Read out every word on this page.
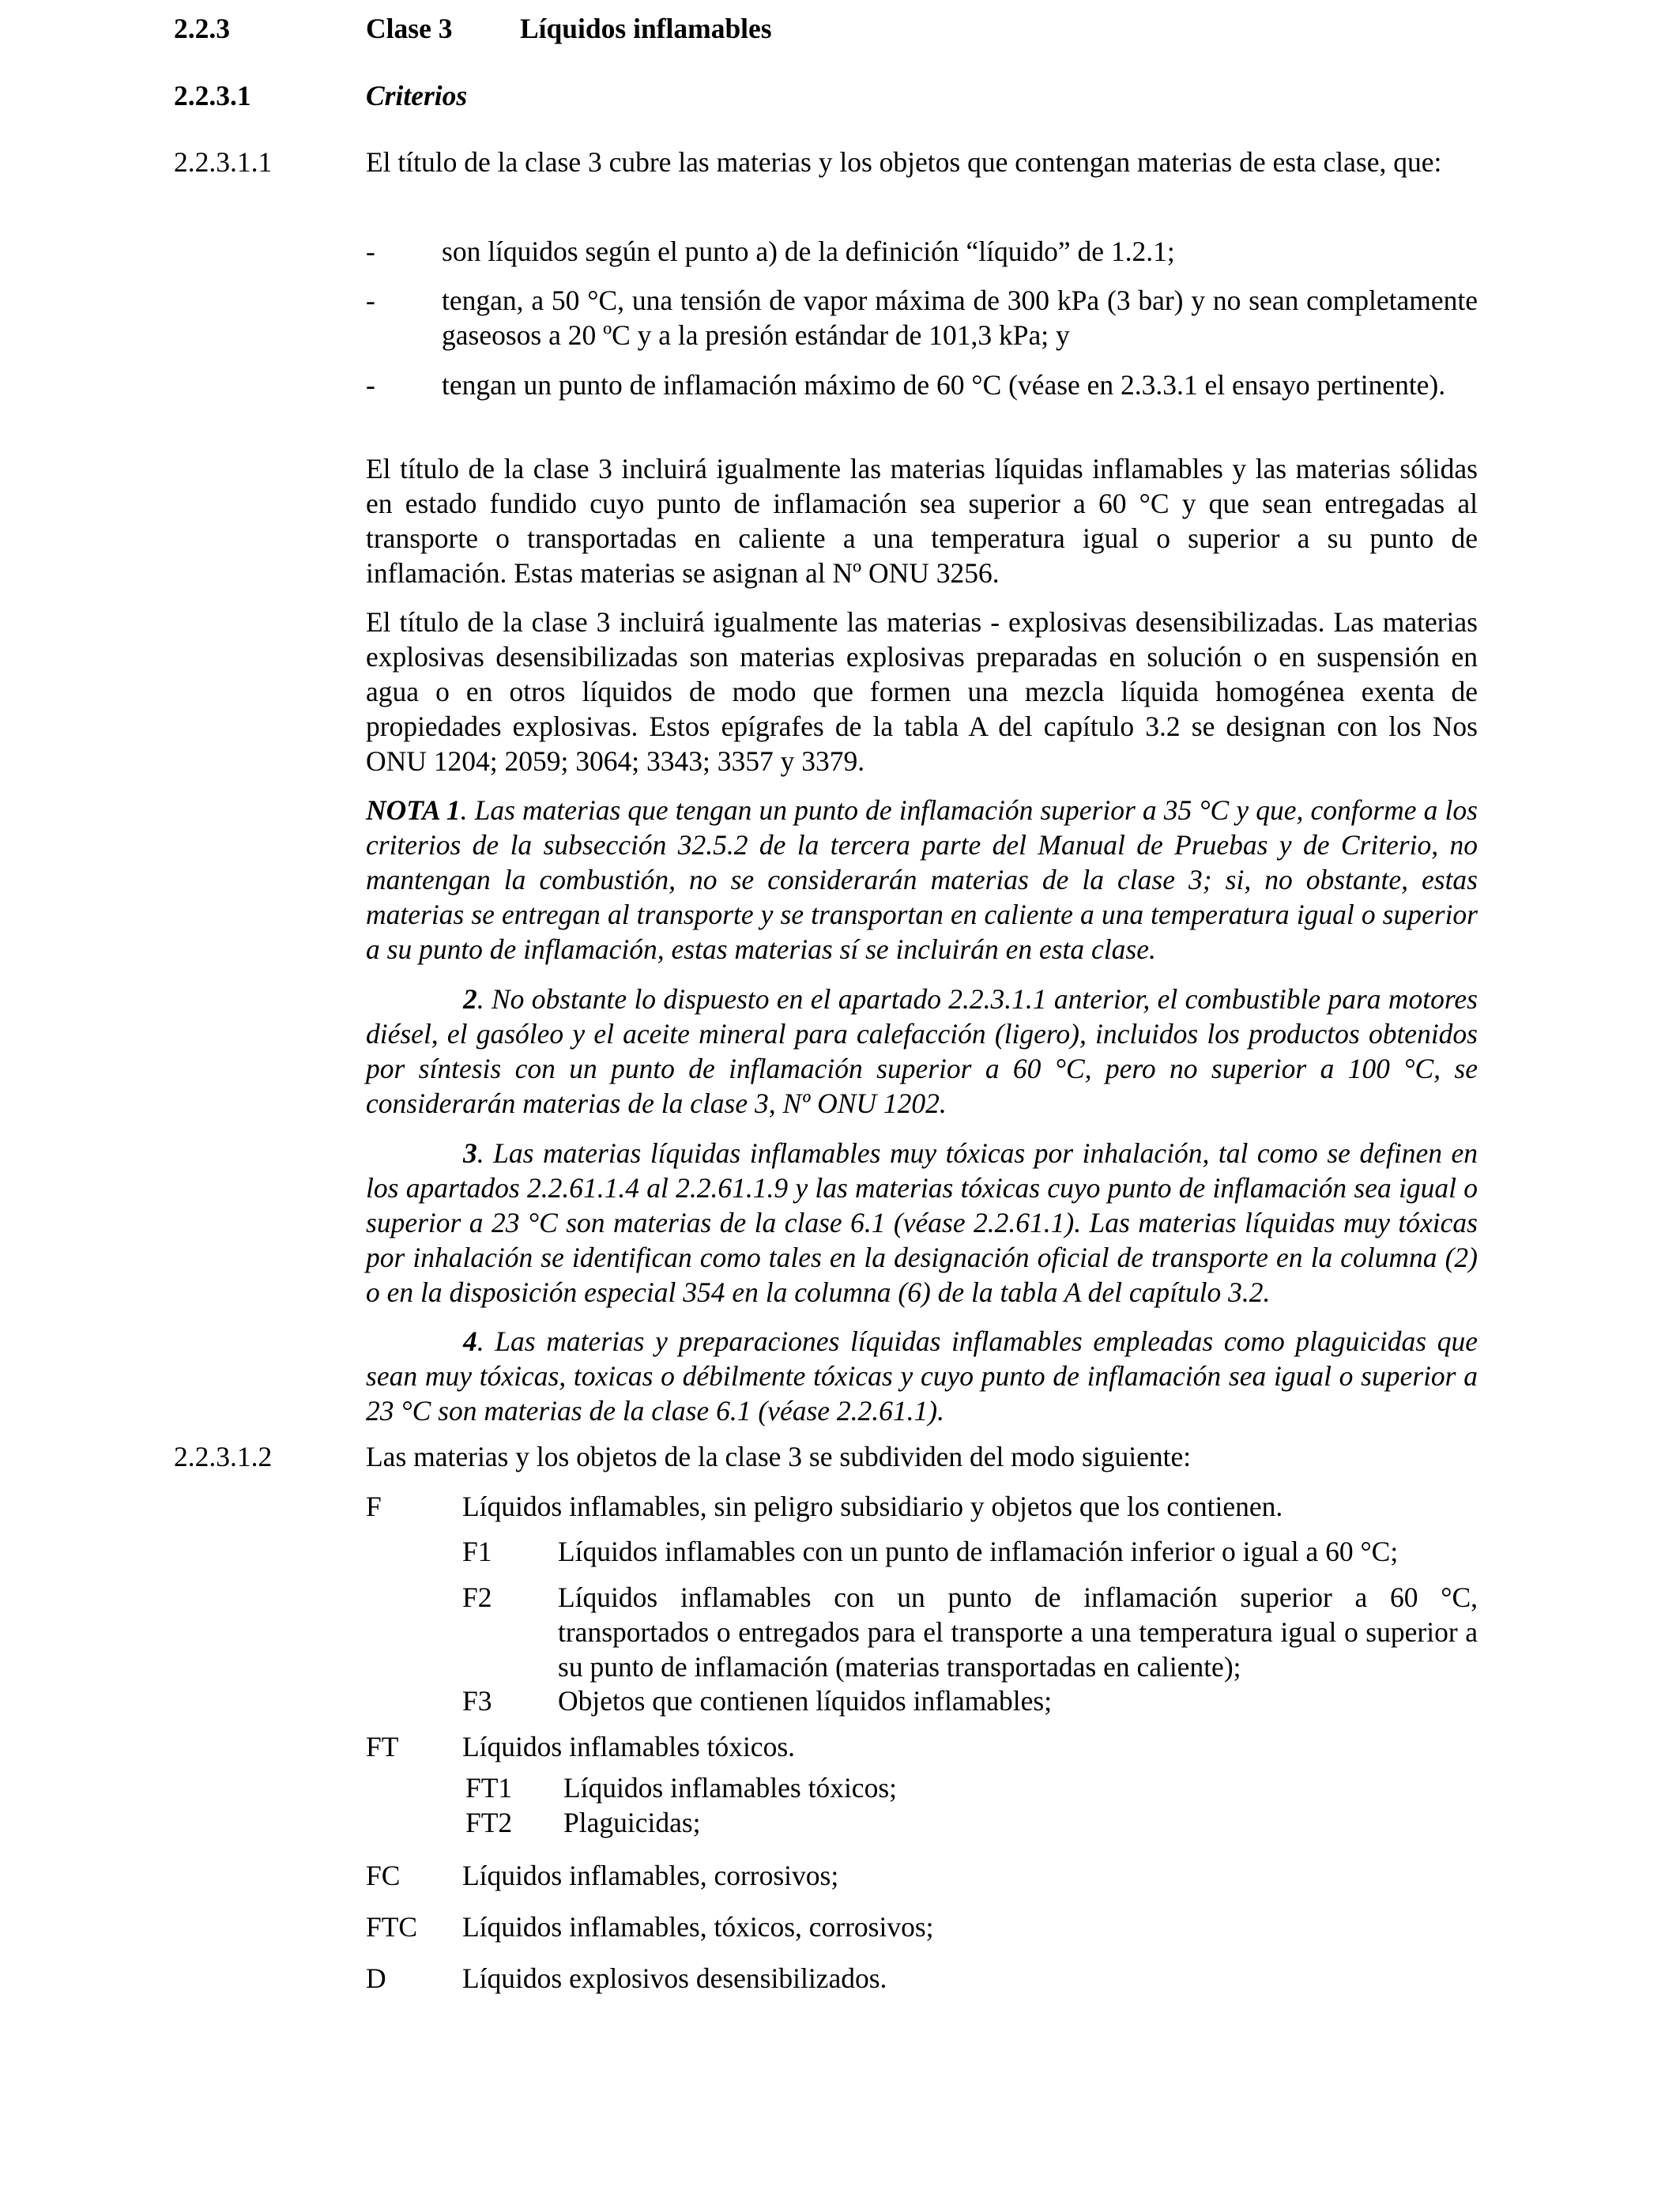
2.2.3	Clase 3 Líquidos inflamables
2.2.3.1	Criterios
2.2.3.1.1	El título de la clase 3 cubre las materias y los objetos que contengan materias de esta clase, que:
- son líquidos según el punto a) de la definición “líquido” de 1.2.1;
- tengan, a 50 °C, una tensión de vapor máxima de 300 kPa (3 bar) y no sean completamente gaseosos a 20 ºC y a la presión estándar de 101,3 kPa; y
- tengan un punto de inflamación máximo de 60 °C (véase en 2.3.3.1 el ensayo pertinente).
El título de la clase 3 incluirá igualmente las materias líquidas inflamables y las materias sólidas en estado fundido cuyo punto de inflamación sea superior a 60 °C y que sean entregadas al transporte o transportadas en caliente a una temperatura igual o superior a su punto de inflamación. Estas materias se asignan al Nº ONU 3256.
El título de la clase 3 incluirá igualmente las materias - explosivas desensibilizadas. Las materias explosivas desensibilizadas son materias explosivas preparadas en solución o en suspensión en agua o en otros líquidos de modo que formen una mezcla líquida homogénea exenta de propiedades explosivas. Estos epígrafes de la tabla A del capítulo 3.2 se designan con los Nos ONU 1204; 2059; 3064; 3343; 3357 y 3379.
NOTA 1. Las materias que tengan un punto de inflamación superior a 35 °C y que, conforme a los criterios de la subsección 32.5.2 de la tercera parte del Manual de Pruebas y de Criterio, no mantengan la combustión, no se considerarán materias de la clase 3; si, no obstante, estas materias se entregan al transporte y se transportan en caliente a una temperatura igual o superior a su punto de inflamación, estas materias sí se incluirán en esta clase.
2. No obstante lo dispuesto en el apartado 2.2.3.1.1 anterior, el combustible para motores diésel, el gasóleo y el aceite mineral para calefacción (ligero), incluidos los productos obtenidos por síntesis con un punto de inflamación superior a 60 °C, pero no superior a 100 °C, se considerarán materias de la clase 3, Nº ONU 1202.
3. Las materias líquidas inflamables muy tóxicas por inhalación, tal como se definen en los apartados 2.2.61.1.4 al 2.2.61.1.9 y las materias tóxicas cuyo punto de inflamación sea igual o superior a 23 °C son materias de la clase 6.1 (véase 2.2.61.1). Las materias líquidas muy tóxicas por inhalación se identifican como tales en la designación oficial de transporte en la columna (2) o en la disposición especial 354 en la columna (6) de la tabla A del capítulo 3.2.
4. Las materias y preparaciones líquidas inflamables empleadas como plaguicidas que sean muy tóxicas, toxicas o débilmente tóxicas y cuyo punto de inflamación sea igual o superior a 23 °C son materias de la clase 6.1 (véase 2.2.61.1).
2.2.3.1.2	Las materias y los objetos de la clase 3 se subdividen del modo siguiente:
F	Líquidos inflamables, sin peligro subsidiario y objetos que los contienen.
F1 Líquidos inflamables con un punto de inflamación inferior o igual a 60 °C;
F2 Líquidos inflamables con un punto de inflamación superior a 60 °C, transportados o entregados para el transporte a una temperatura igual o superior a su punto de inflamación (materias transportadas en caliente);
F3 Objetos que contienen líquidos inflamables;
FT Líquidos inflamables tóxicos.
FT1 Líquidos inflamables tóxicos;
FT2 Plaguicidas;
FC Líquidos inflamables, corrosivos;
FTC Líquidos inflamables, tóxicos, corrosivos;
D	Líquidos explosivos desensibilizados.
